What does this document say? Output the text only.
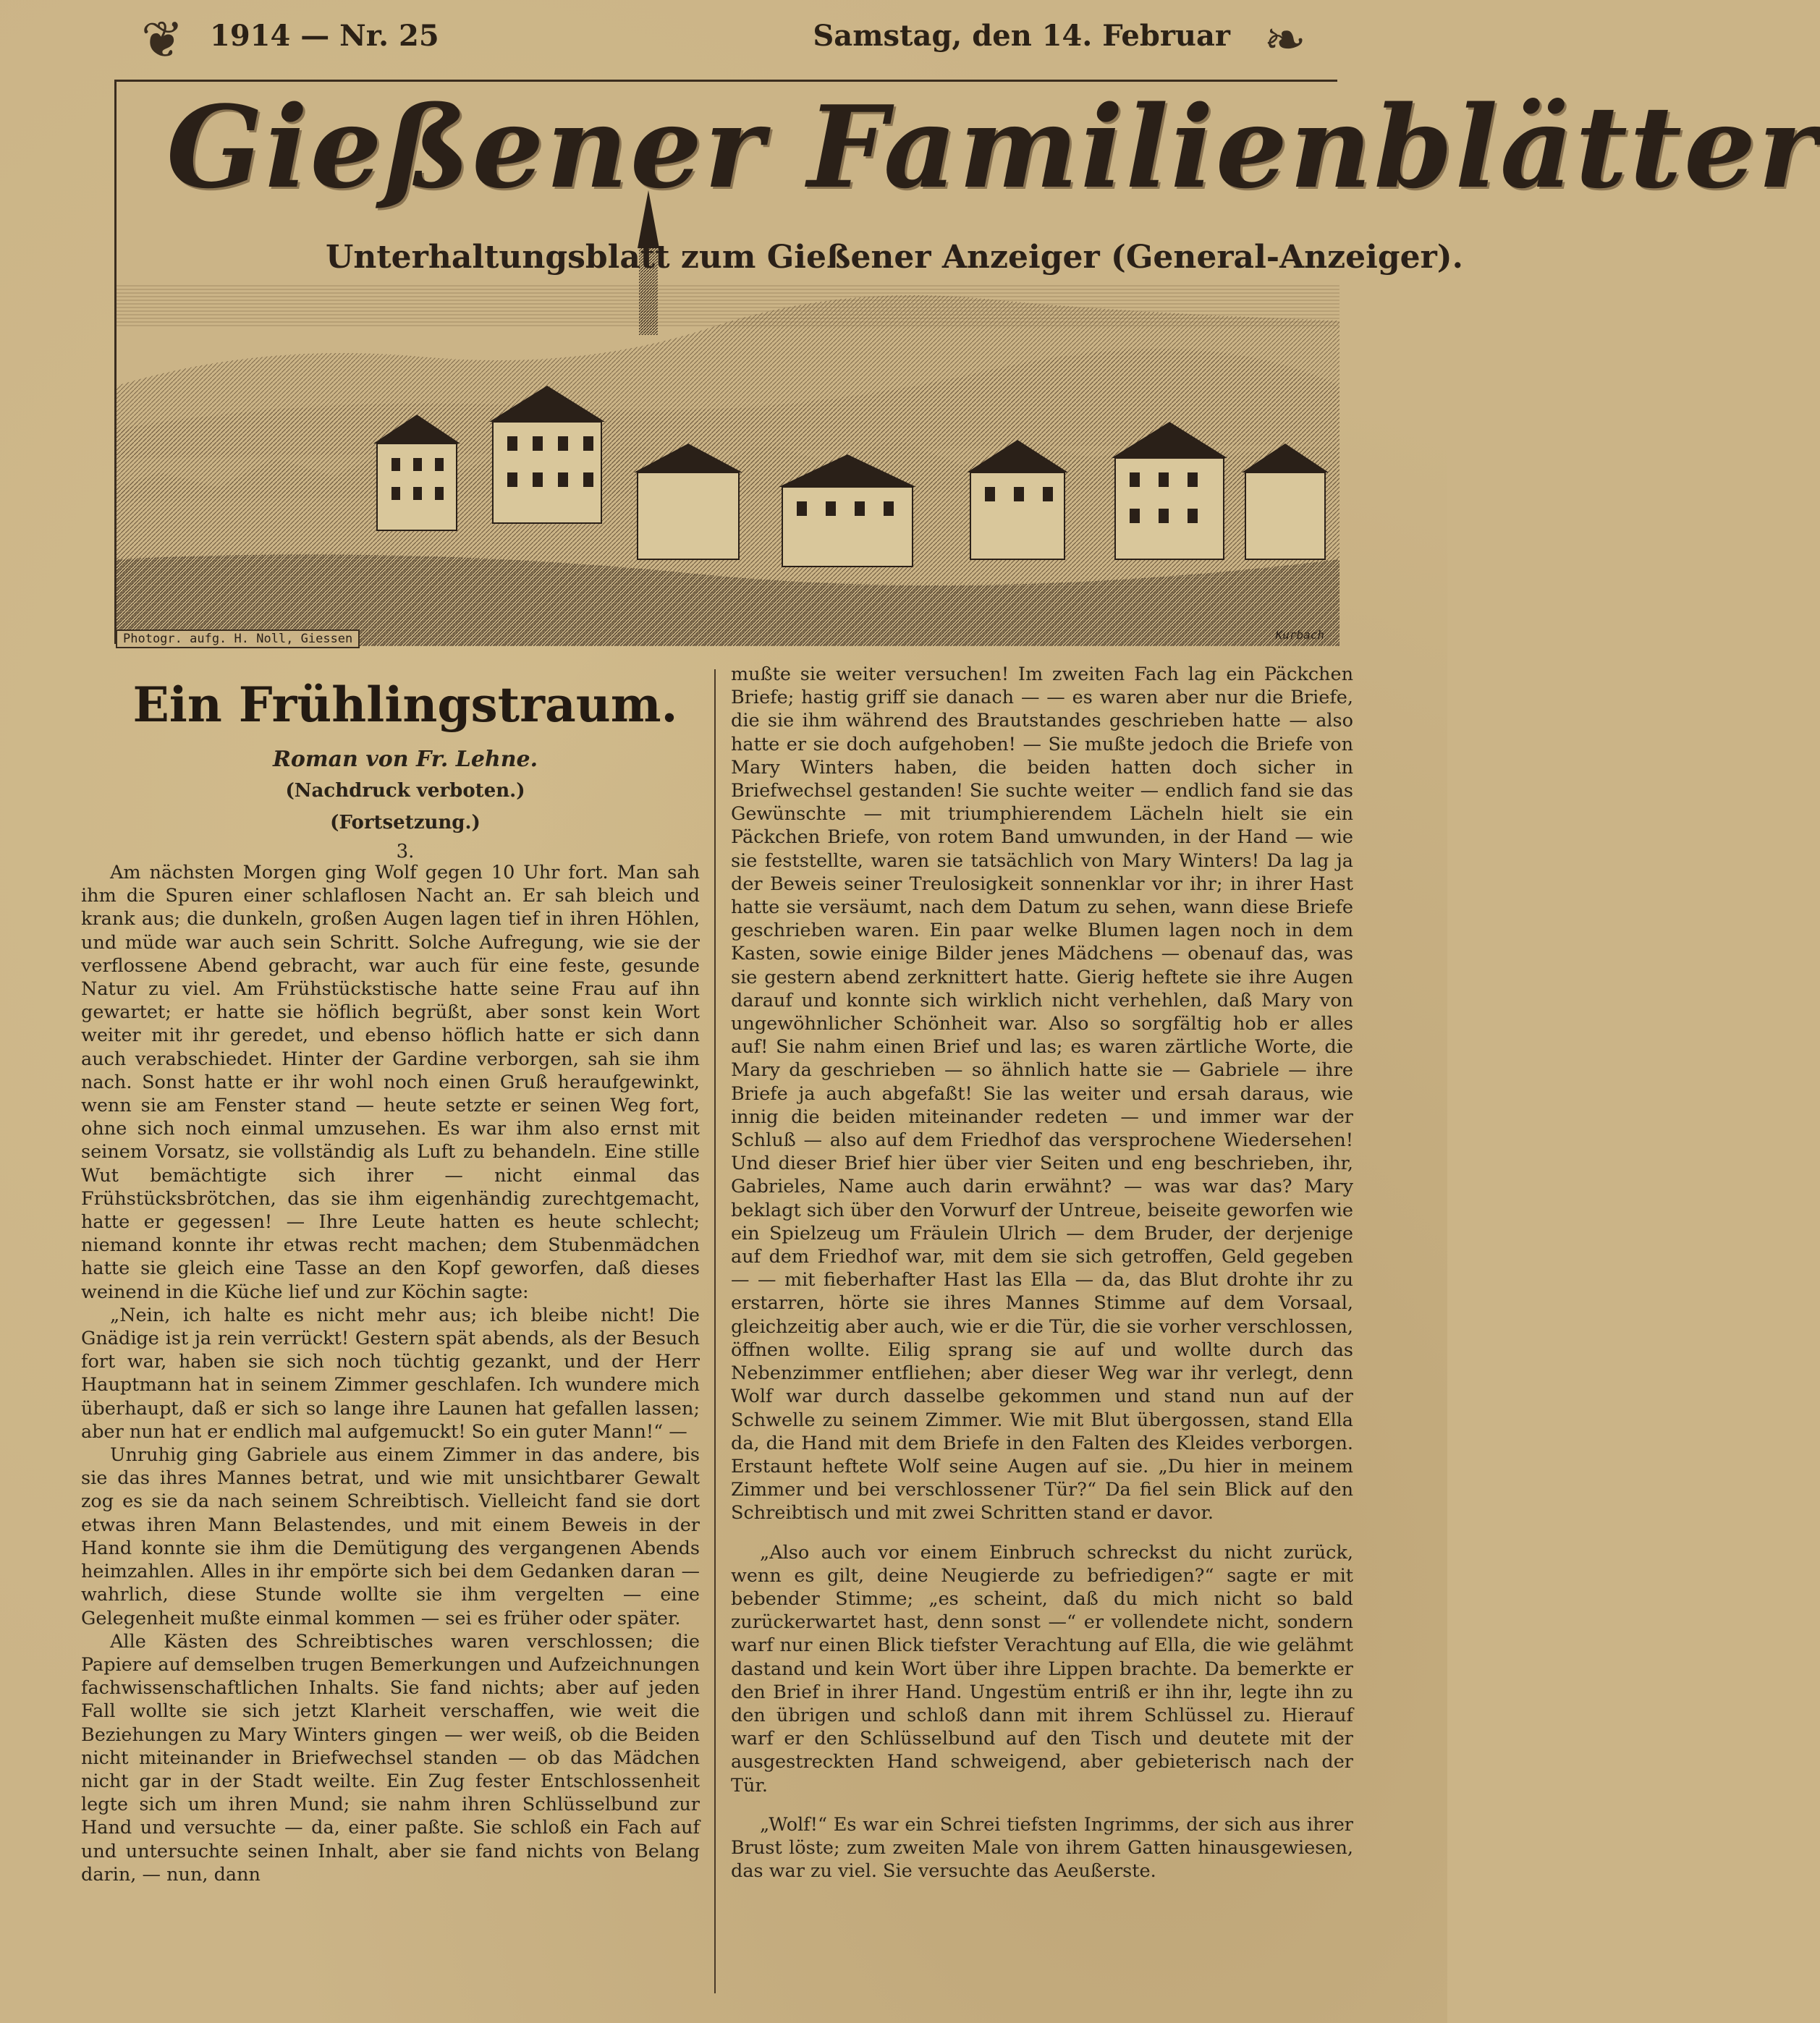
❦ 1914 — Nr. 25	Samstag, den 14. Februar ❧
Gießener Familienblätter
Unterhaltungsblatt zum Gießener Anzeiger (General-Anzeiger).
Photogr. aufg. H. Noll, Giessen	Kurbach
Ein Frühlingstraum.
Roman von Fr. Lehne.
(Nachdruck verboten.)
(Fortsetzung.)
3.

Am nächsten Morgen ging Wolf gegen 10 Uhr fort. Man sah ihm die Spuren einer schlaflosen Nacht an. Er sah bleich und krank aus; die dunkeln, großen Augen lagen tief in ihren Höhlen, und müde war auch sein Schritt. Solche Aufregung, wie sie der verflossene Abend gebracht, war auch für eine feste, gesunde Natur zu viel. Am Frühstückstische hatte seine Frau auf ihn gewartet; er hatte sie höflich begrüßt, aber sonst kein Wort weiter mit ihr geredet, und ebenso höflich hatte er sich dann auch verabschiedet. Hinter der Gardine verborgen, sah sie ihm nach. Sonst hatte er ihr wohl noch einen Gruß heraufgewinkt, wenn sie am Fenster stand — heute setzte er seinen Weg fort, ohne sich noch einmal umzusehen. Es war ihm also ernst mit seinem Vorsatz, sie vollständig als Luft zu behandeln. Eine stille Wut bemächtigte sich ihrer — nicht einmal das Frühstücksbrötchen, das sie ihm eigenhändig zurechtgemacht, hatte er gegessen! — Ihre Leute hatten es heute schlecht; niemand konnte ihr etwas recht machen; dem Stubenmädchen hatte sie gleich eine Tasse an den Kopf geworfen, daß dieses weinend in die Küche lief und zur Köchin sagte:

„Nein, ich halte es nicht mehr aus; ich bleibe nicht! Die Gnädige ist ja rein verrückt! Gestern spät abends, als der Besuch fort war, haben sie sich noch tüchtig gezankt, und der Herr Hauptmann hat in seinem Zimmer geschlafen. Ich wundere mich überhaupt, daß er sich so lange ihre Launen hat gefallen lassen; aber nun hat er endlich mal aufgemuckt! So ein guter Mann!“ —

Unruhig ging Gabriele aus einem Zimmer in das andere, bis sie das ihres Mannes betrat, und wie mit unsichtbarer Gewalt zog es sie da nach seinem Schreibtisch. Vielleicht fand sie dort etwas ihren Mann Belastendes, und mit einem Beweis in der Hand konnte sie ihm die Demütigung des vergangenen Abends heimzahlen. Alles in ihr empörte sich bei dem Gedanken daran — wahrlich, diese Stunde wollte sie ihm vergelten — eine Gelegenheit mußte einmal kommen — sei es früher oder später.

Alle Kästen des Schreibtisches waren verschlossen; die Papiere auf demselben trugen Bemerkungen und Aufzeichnungen fachwissenschaftlichen Inhalts. Sie fand nichts; aber auf jeden Fall wollte sie sich jetzt Klarheit verschaffen, wie weit die Beziehungen zu Mary Winters gingen — wer weiß, ob die Beiden nicht miteinander in Briefwechsel standen — ob das Mädchen nicht gar in der Stadt weilte. Ein Zug fester Entschlossenheit legte sich um ihren Mund; sie nahm ihren Schlüsselbund zur Hand und versuchte — da, einer paßte. Sie schloß ein Fach auf und untersuchte seinen Inhalt, aber sie fand nichts von Belang darin, — nun, dann

mußte sie weiter versuchen! Im zweiten Fach lag ein Päckchen Briefe; hastig griff sie danach — — es waren aber nur die Briefe, die sie ihm während des Brautstandes geschrieben hatte — also hatte er sie doch aufgehoben! — Sie mußte jedoch die Briefe von Mary Winters haben, die beiden hatten doch sicher in Briefwechsel gestanden! Sie suchte weiter — endlich fand sie das Gewünschte — mit triumphierendem Lächeln hielt sie ein Päckchen Briefe, von rotem Band umwunden, in der Hand — wie sie feststellte, waren sie tatsächlich von Mary Winters! Da lag ja der Beweis seiner Treulosigkeit sonnenklar vor ihr; in ihrer Hast hatte sie versäumt, nach dem Datum zu sehen, wann diese Briefe geschrieben waren. Ein paar welke Blumen lagen noch in dem Kasten, sowie einige Bilder jenes Mädchens — obenauf das, was sie gestern abend zerknittert hatte. Gierig heftete sie ihre Augen darauf und konnte sich wirklich nicht verhehlen, daß Mary von ungewöhnlicher Schönheit war. Also so sorgfältig hob er alles auf! Sie nahm einen Brief und las; es waren zärtliche Worte, die Mary da geschrieben — so ähnlich hatte sie — Gabriele — ihre Briefe ja auch abgefaßt! Sie las weiter und ersah daraus, wie innig die beiden miteinander redeten — und immer war der Schluß — also auf dem Friedhof das versprochene Wiedersehen! Und dieser Brief hier über vier Seiten und eng beschrieben, ihr, Gabrieles, Name auch darin erwähnt? — was war das? Mary beklagt sich über den Vorwurf der Untreue, beiseite geworfen wie ein Spielzeug um Fräulein Ulrich — dem Bruder, der derjenige auf dem Friedhof war, mit dem sie sich getroffen, Geld gegeben — — mit fieberhafter Hast las Ella — da, das Blut drohte ihr zu erstarren, hörte sie ihres Mannes Stimme auf dem Vorsaal, gleichzeitig aber auch, wie er die Tür, die sie vorher verschlossen, öffnen wollte. Eilig sprang sie auf und wollte durch das Nebenzimmer entfliehen; aber dieser Weg war ihr verlegt, denn Wolf war durch dasselbe gekommen und stand nun auf der Schwelle zu seinem Zimmer. Wie mit Blut übergossen, stand Ella da, die Hand mit dem Briefe in den Falten des Kleides verborgen. Erstaunt heftete Wolf seine Augen auf sie. „Du hier in meinem Zimmer und bei verschlossener Tür?“ Da fiel sein Blick auf den Schreibtisch und mit zwei Schritten stand er davor.

„Also auch vor einem Einbruch schreckst du nicht zurück, wenn es gilt, deine Neugierde zu befriedigen?“ sagte er mit bebender Stimme; „es scheint, daß du mich nicht so bald zurückerwartet hast, denn sonst —“ er vollendete nicht, sondern warf nur einen Blick tiefster Verachtung auf Ella, die wie gelähmt dastand und kein Wort über ihre Lippen brachte. Da bemerkte er den Brief in ihrer Hand. Ungestüm entriß er ihn ihr, legte ihn zu den übrigen und schloß dann mit ihrem Schlüssel zu. Hierauf warf er den Schlüsselbund auf den Tisch und deutete mit der ausgestreckten Hand schweigend, aber gebieterisch nach der Tür.

„Wolf!“ Es war ein Schrei tiefsten Ingrimms, der sich aus ihrer Brust löste; zum zweiten Male von ihrem Gatten hinausgewiesen, das war zu viel. Sie versuchte das Aeußerste.
